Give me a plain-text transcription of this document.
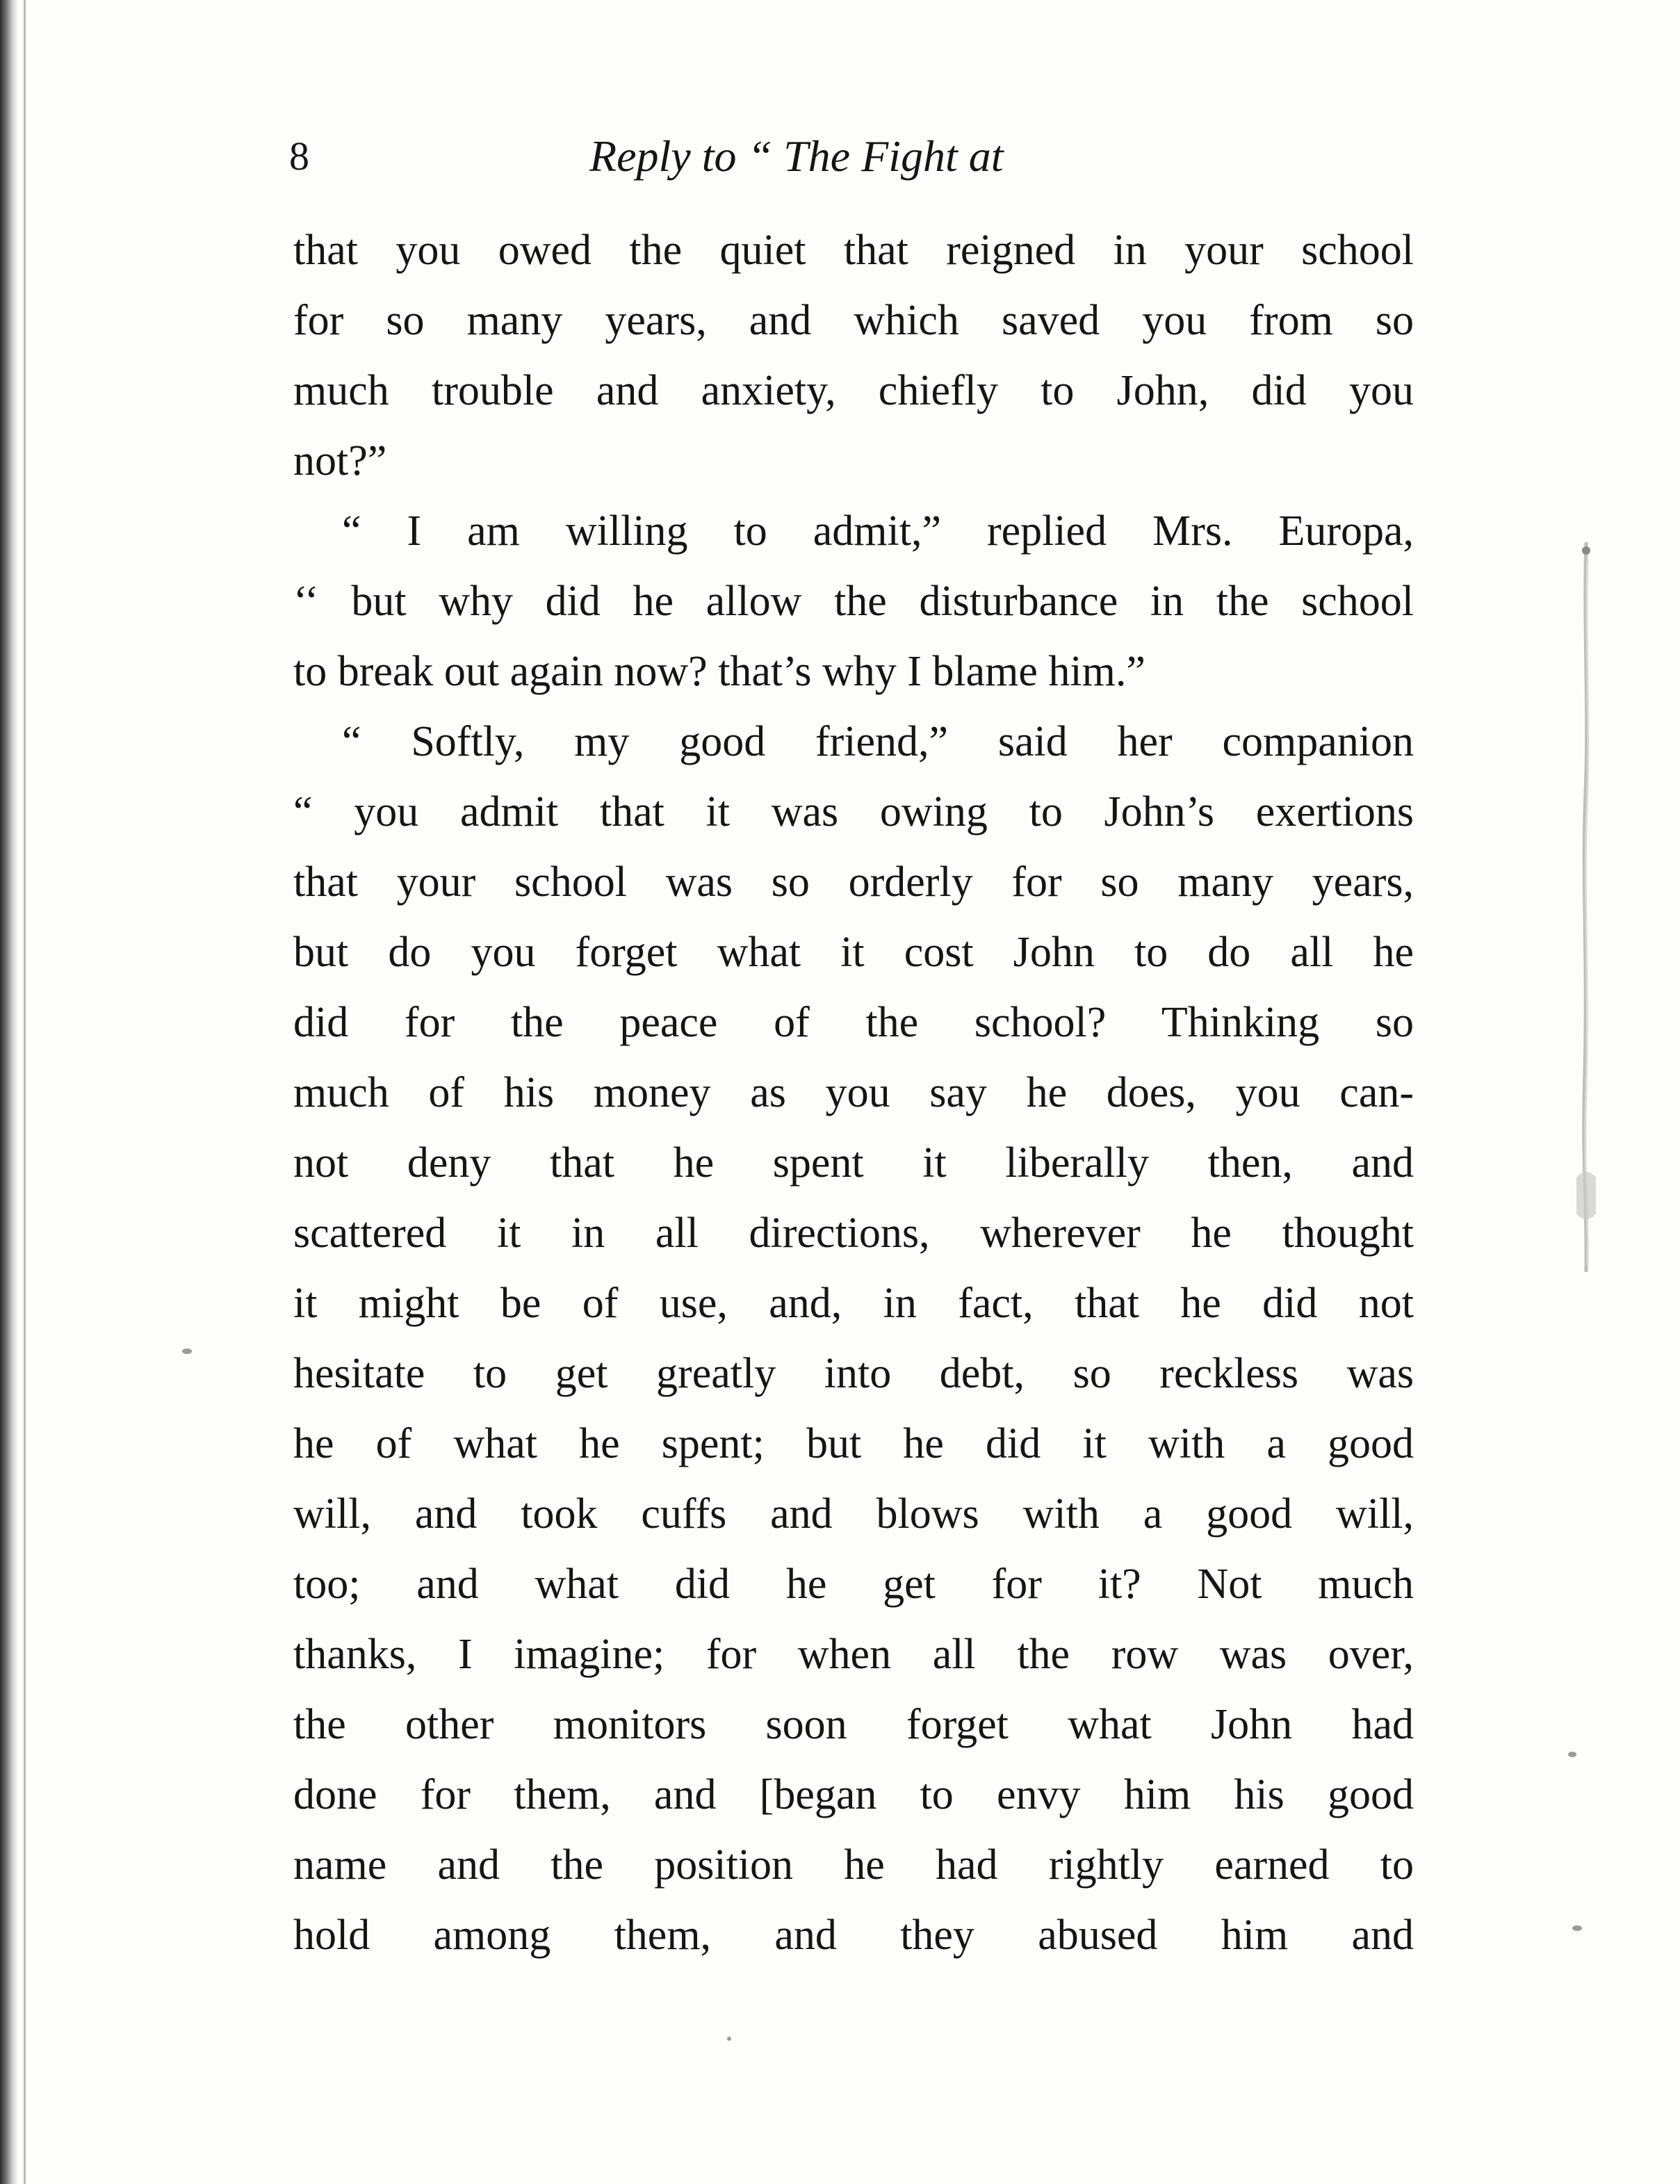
8	Reply to “ The Fight at
that you owed the quiet that reigned in your school
for so many years, and which saved you from so
much trouble and anxiety, chiefly to John, did you
not?”
“ I am willing to admit,” replied Mrs. Europa,
‘‘ but why did he allow the disturbance in the school
to break out again now? that’s why I blame him.”
“ Softly, my good friend,” said her companion
“ you admit that it was owing to John’s exertions
that your school was so orderly for so many years,
but do you forget what it cost John to do all he
did for the peace of the school? Thinking so
much of his money as you say he does, you can-
not deny that he spent it liberally then, and
scattered it in all directions, wherever he thought
it might be of use, and, in fact, that he did not
hesitate to get greatly into debt, so reckless was
he of what he spent; but he did it with a good
will, and took cuffs and blows with a good will,
too; and what did he get for it? Not much
thanks, I imagine; for when all the row was over,
the other monitors soon forget what John had
done for them, and [began to envy him his good
name and the position he had rightly earned to
hold among them, and they abused him and
